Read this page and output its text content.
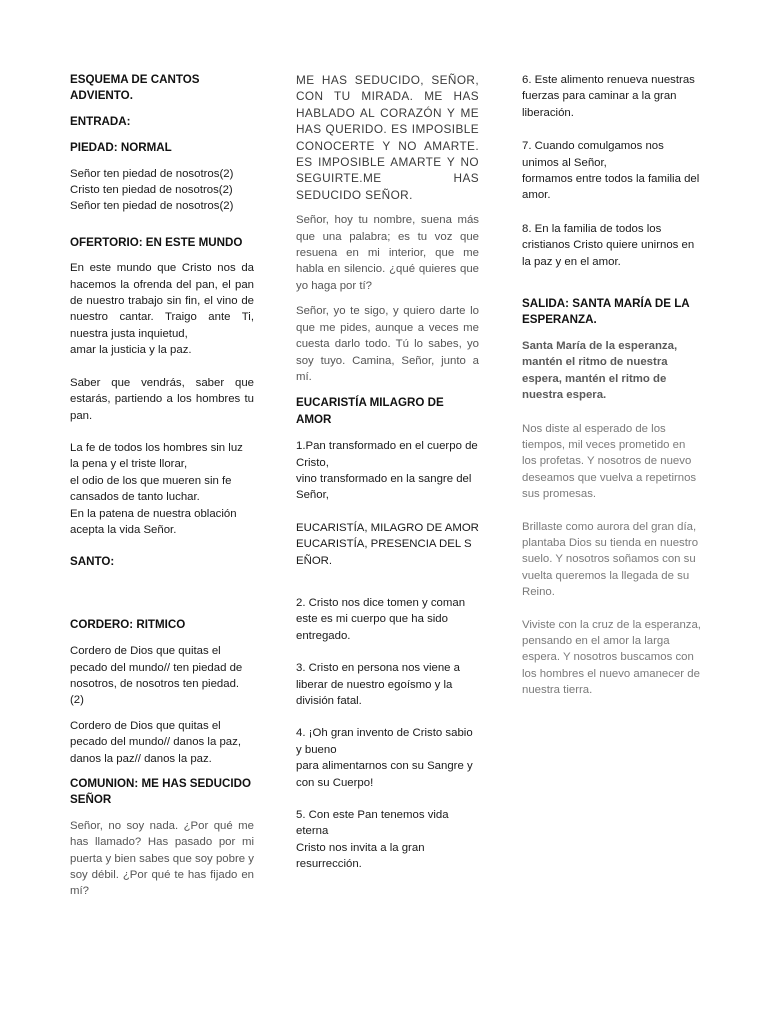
ESQUEMA DE CANTOS
ADVIENTO.

ENTRADA:

PIEDAD: NORMAL

Señor ten piedad de nosotros(2)
Cristo ten piedad de nosotros(2)
Señor ten piedad de nosotros(2)

OFERTORIO: EN ESTE MUNDO

En este mundo que Cristo nos da hacemos la ofrenda del pan, el pan de nuestro trabajo sin fin, el vino de nuestro cantar. Traigo ante Ti, nuestra justa inquietud,
amar la justicia y la paz.

Saber que vendrás, saber que estarás, partiendo a los hombres tu pan.

La fe de todos los hombres sin luz la pena y el triste llorar,
el odio de los que mueren sin fe cansados de tanto luchar.
En la patena de nuestra oblación acepta la vida Señor.

SANTO:

CORDERO: RITMICO

Cordero de Dios que quitas el pecado del mundo// ten piedad de nosotros, de nosotros ten piedad.
(2)

Cordero de Dios que quitas el pecado del mundo// danos la paz, danos la paz// danos la paz.

COMUNION: ME HAS SEDUCIDO SEÑOR

Señor, no soy nada. ¿Por qué me has llamado? Has pasado por mi puerta y bien sabes que soy pobre y soy débil. ¿Por qué te has fijado en mí?

ME HAS SEDUCIDO, SEÑOR, CON TU MIRADA. ME HAS HABLADO AL CORAZÓN Y ME HAS QUERIDO. ES IMPOSIBLE CONOCERTE Y NO AMARTE. ES IMPOSIBLE AMARTE Y NO SEGUIRTE.ME HAS SEDUCIDO SEÑOR.

Señor, hoy tu nombre, suena más que una palabra; es tu voz que resuena en mi interior, que me habla en silencio. ¿qué quieres que yo haga por tí?

Señor, yo te sigo, y quiero darte lo que me pides, aunque a veces me cuesta darlo todo. Tú lo sabes, yo soy tuyo. Camina, Señor, junto a mí.

EUCARISTÍA MILAGRO DE AMOR

1.Pan transformado en el cuerpo de Cristo,
vino transformado en la sangre del Señor,

EUCARISTÍA, MILAGRO DE AMOR
EUCARISTÍA, PRESENCIA DEL S EÑOR.

2. Cristo nos dice tomen y coman este es mi cuerpo que ha sido entregado.

3. Cristo en persona nos viene a liberar de nuestro egoísmo y la división fatal.

4. ¡Oh gran invento de Cristo sabio y bueno
para alimentarnos con su Sangre y con su Cuerpo!

5. Con este Pan tenemos vida eterna
Cristo nos invita a la gran resurrección.

6. Este alimento renueva nuestras fuerzas para caminar a la gran liberación.

7. Cuando comulgamos nos unimos al Señor,
formamos entre todos la familia del amor.

8. En la familia de todos los cristianos Cristo quiere unirnos en la paz y en el amor.

SALIDA: SANTA MARÍA DE LA ESPERANZA.

Santa María de la esperanza, mantén el ritmo de nuestra espera, mantén el ritmo de nuestra espera.

Nos diste al esperado de los tiempos, mil veces prometido en los profetas. Y nosotros de nuevo deseamos que vuelva a repetirnos sus promesas.

Brillaste como aurora del gran día, plantaba Dios su tienda en nuestro suelo. Y nosotros soñamos con su vuelta queremos la llegada de su Reino.

Viviste con la cruz de la esperanza, pensando en el amor la larga espera. Y nosotros buscamos con los hombres el nuevo amanecer de nuestra tierra.
